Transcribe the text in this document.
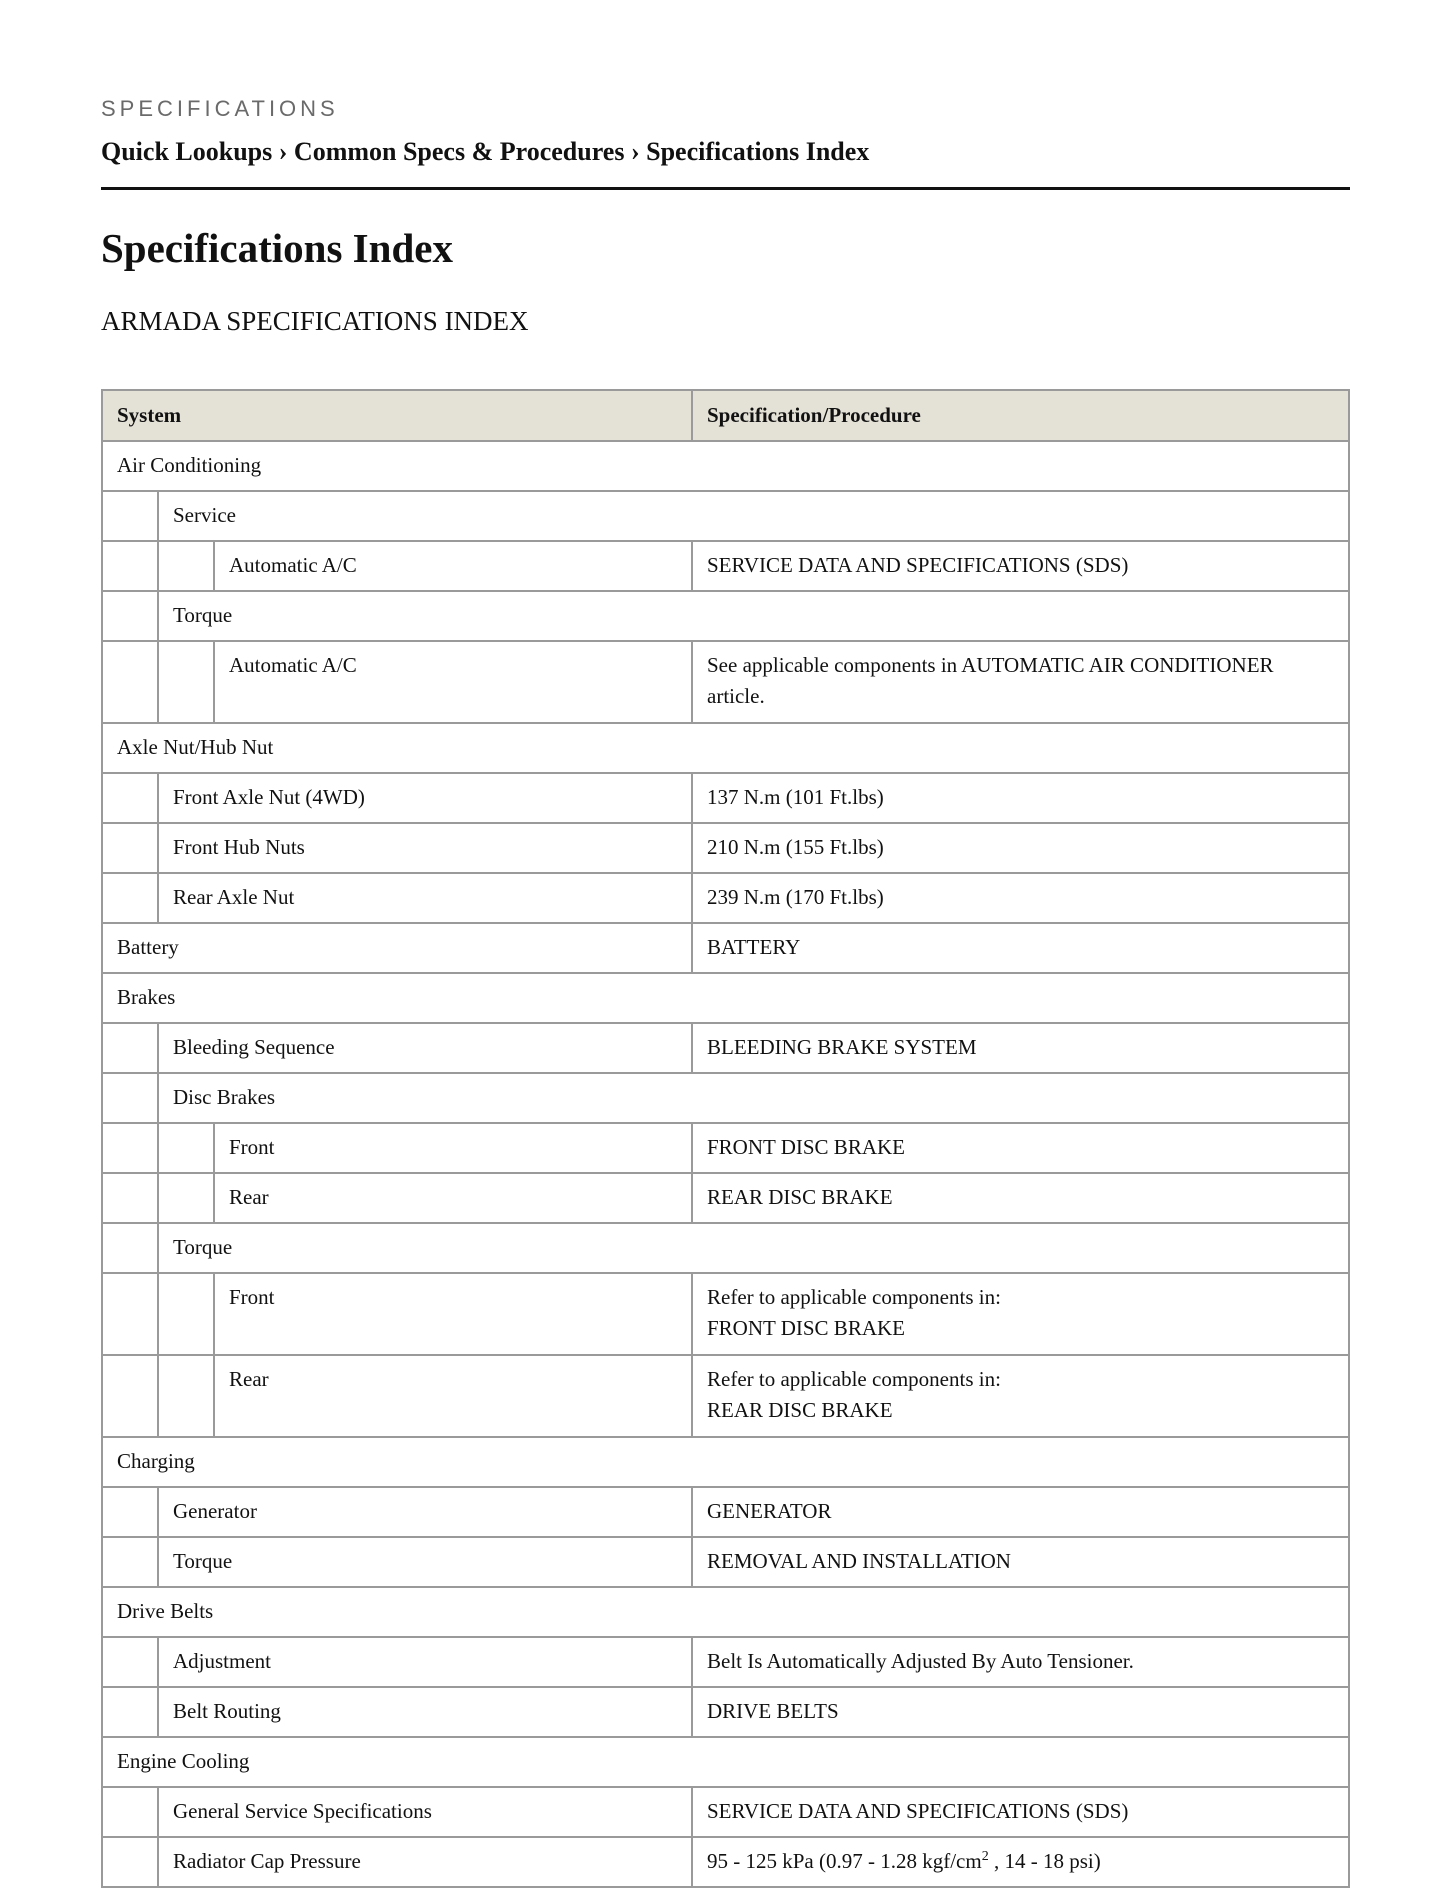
SPECIFICATIONS
Quick Lookups › Common Specs & Procedures › Specifications Index
Specifications Index
ARMADA SPECIFICATIONS INDEX
System			Specification/Procedure
Air Conditioning			
	Service		
		Automatic A/C	SERVICE DATA AND SPECIFICATIONS (SDS)
	Torque		
		Automatic A/C	See applicable components in AUTOMATIC AIR CONDITIONER article.
Axle Nut/Hub Nut			
	Front Axle Nut (4WD)		137 N.m (101 Ft.lbs)
	Front Hub Nuts		210 N.m (155 Ft.lbs)
	Rear Axle Nut		239 N.m (170 Ft.lbs)
Battery			BATTERY
Brakes			
	Bleeding Sequence		BLEEDING BRAKE SYSTEM
	Disc Brakes		
		Front	FRONT DISC BRAKE
		Rear	REAR DISC BRAKE
	Torque		
		Front	Refer to applicable components in:
FRONT DISC BRAKE

		Rear	Refer to applicable components in:
REAR DISC BRAKE

Charging			
	Generator		GENERATOR
	Torque		REMOVAL AND INSTALLATION
Drive Belts			
	Adjustment		Belt Is Automatically Adjusted By Auto Tensioner.
	Belt Routing		DRIVE BELTS
Engine Cooling			
	General Service Specifications		SERVICE DATA AND SPECIFICATIONS (SDS)
	Radiator Cap Pressure		95 - 125 kPa (0.97 - 1.28 kgf/$cm^2$ , 14 - 18 psi)
